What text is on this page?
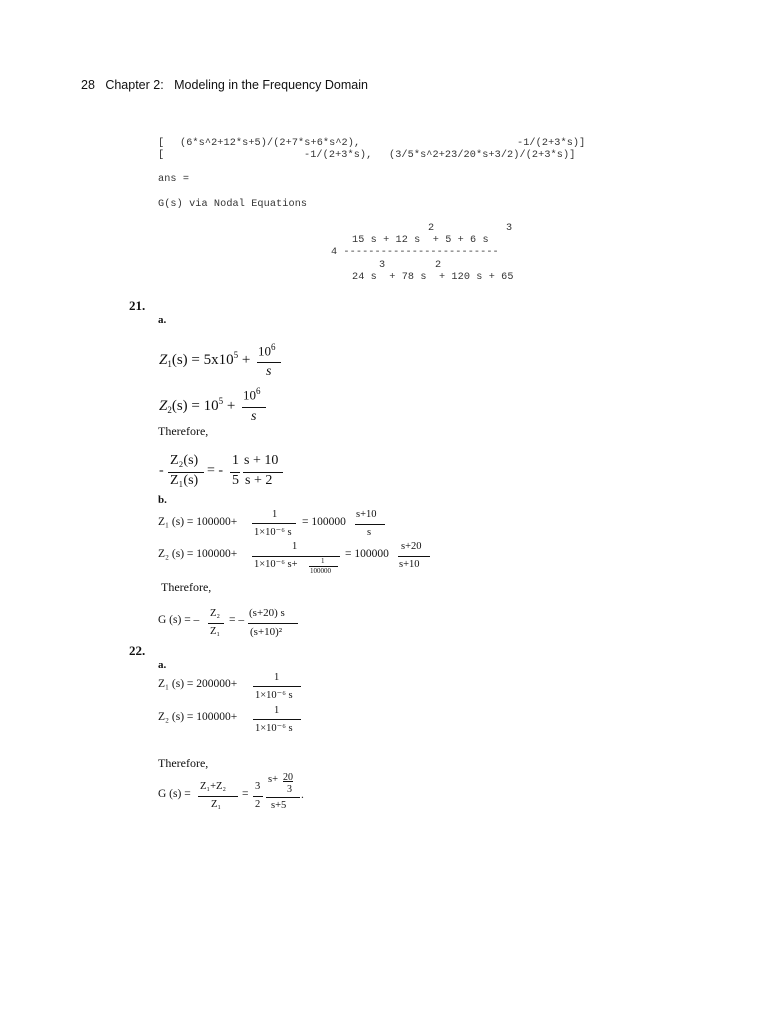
28 Chapter 2: Modeling in the Frequency Domain
[ (6*s^2+12*s+5)/(2+7*s+6*s^2),	-1/(2+3*s)]
[	-1/(2+3*s), (3/5*s^2+23/20*s+3/2)/(2+3*s)]
ans =
G(s) via Nodal Equations
2	3
15 s + 12 s  + 5 + 6 s
4 -------------------------
3	2
24 s  + 78 s  + 120 s + 65
21.
a.
$Z_1(s) = 5x10^5$ +
$10^6$
s
$Z_2(s) = 10^5$ +
$10^6$
s
Therefore,
-
Z₂(s)
Z₁(s)
= -
1
5
s + 10
s + 2
b.
Z₁ (s) = 100000+
1
1×10⁻⁶ s
= 100000
s+10
s
Z₂ (s) = 100000+
1
1×10⁻⁶ s+	1
100000
= 100000
s+20
s+10
Therefore,
G (s) = –
Z₂
Z₁
= –
(s+20) s
(s+10)²
22.
a.
Z₁ (s) = 200000+
1
1×10⁻⁶ s
Z₂ (s) = 100000+
1
1×10⁻⁶ s
Therefore,
G (s) =
Z₁+Z₂
Z₁
=
3
2
s+ 20
3
s+5
.
